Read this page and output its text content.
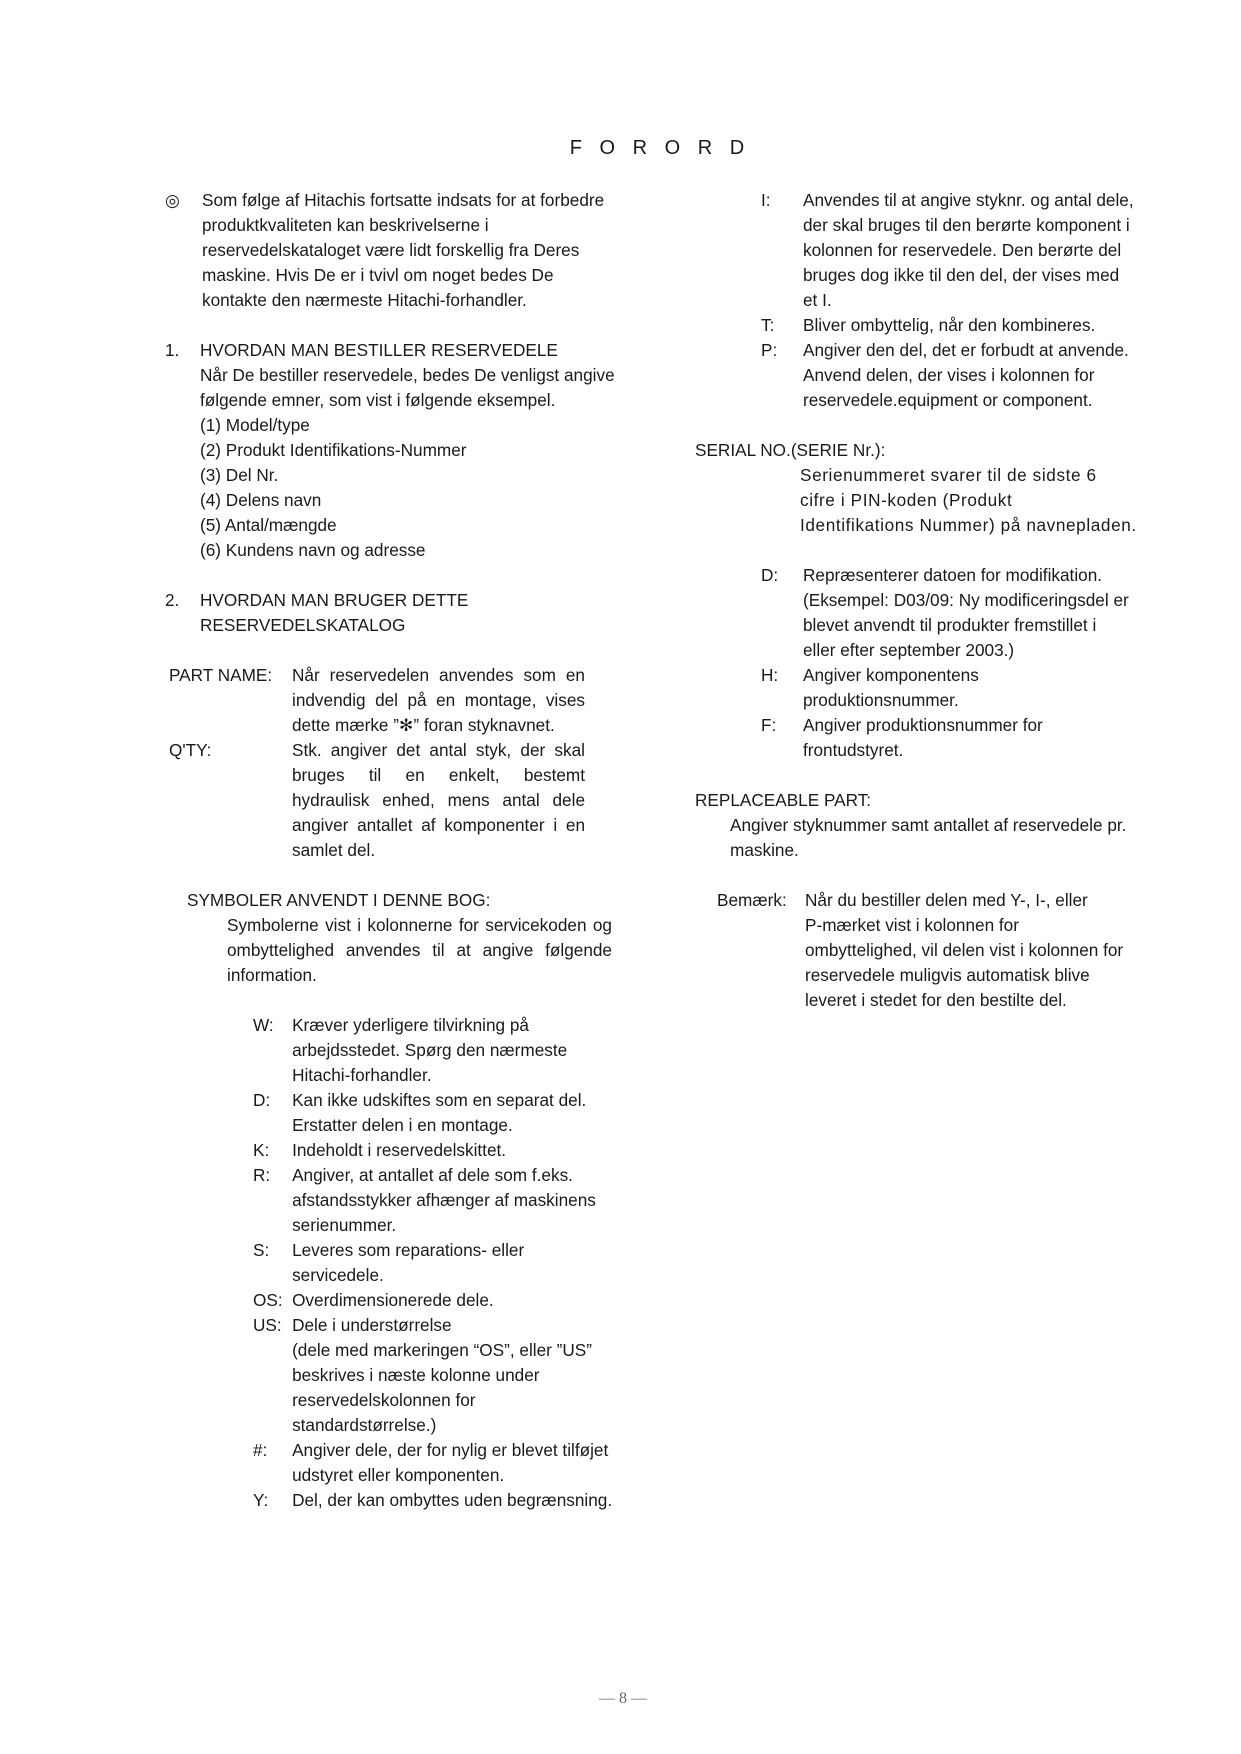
F O R O R D
◎	Som følge af Hitachis fortsatte indsats for at forbedre
produktkvaliteten kan beskrivelserne i
reservedelskataloget være lidt forskellig fra Deres
maskine. Hvis De er i tvivl om noget bedes De
kontakte den nærmeste Hitachi-forhandler.
1.	HVORDAN MAN BESTILLER RESERVEDELE
Når De bestiller reservedele, bedes De venligst angive
følgende emner, som vist i følgende eksempel.
(1) Model/type
(2) Produkt Identifikations-Nummer
(3) Del Nr.
(4) Delens navn
(5) Antal/mængde
(6) Kundens navn og adresse
2.	HVORDAN MAN BRUGER DETTE
RESERVEDELSKATALOG
PART NAME:	Når reservedelen anvendes som en indvendig del på en montage, vises dette mærke ”✻” foran styknavnet.
Q'TY:	Stk. angiver det antal styk, der skal bruges til en enkelt, bestemt hydraulisk enhed, mens antal dele angiver antallet af komponenter i en samlet del.
SYMBOLER ANVENDT I DENNE BOG:
Symbolerne vist i kolonnerne for servicekoden og ombyttelighed anvendes til at angive følgende information.
W:	Kræver yderligere tilvirkning på
arbejdsstedet. Spørg den nærmeste
Hitachi-forhandler.
D:	Kan ikke udskiftes som en separat del.
Erstatter delen i en montage.
K:	Indeholdt i reservedelskittet.
R:	Angiver, at antallet af dele som f.eks.
afstandsstykker afhænger af maskinens
serienummer.
S:	Leveres som reparations- eller
servicedele.
OS: Overdimensionerede dele.
US: Dele i understørrelse
(dele med markeringen “OS”, eller ”US”
beskrives i næste kolonne under
reservedelskolonnen for
standardstørrelse.)
#:	Angiver dele, der for nylig er blevet tilføjet
udstyret eller komponenten.
Y:	Del, der kan ombyttes uden begrænsning.
I:	Anvendes til at angive styknr. og antal dele,
der skal bruges til den berørte komponent i
kolonnen for reservedele. Den berørte del
bruges dog ikke til den del, der vises med
et I.
T:	Bliver ombyttelig, når den kombineres.
P:	Angiver den del, det er forbudt at anvende.
Anvend delen, der vises i kolonnen for
reservedele.equipment or component.
SERIAL NO.(SERIE Nr.):
Serienummeret svarer til de sidste 6
cifre i PIN-koden (Produkt
Identifikations Nummer) på navnepladen.
D:	Repræsenterer datoen for modifikation.
(Eksempel: D03/09: Ny modificeringsdel er
blevet anvendt til produkter fremstillet i
eller efter september 2003.)
H:	Angiver komponentens
produktionsnummer.
F:	Angiver produktionsnummer for
frontudstyret.
REPLACEABLE PART:
Angiver styknummer samt antallet af reservedele pr.
maskine.
Bemærk:	Når du bestiller delen med Y-, I-, eller
P-mærket vist i kolonnen for
ombyttelighed, vil delen vist i kolonnen for
reservedele muligvis automatisk blive
leveret i stedet for den bestilte del.
— 8 —
